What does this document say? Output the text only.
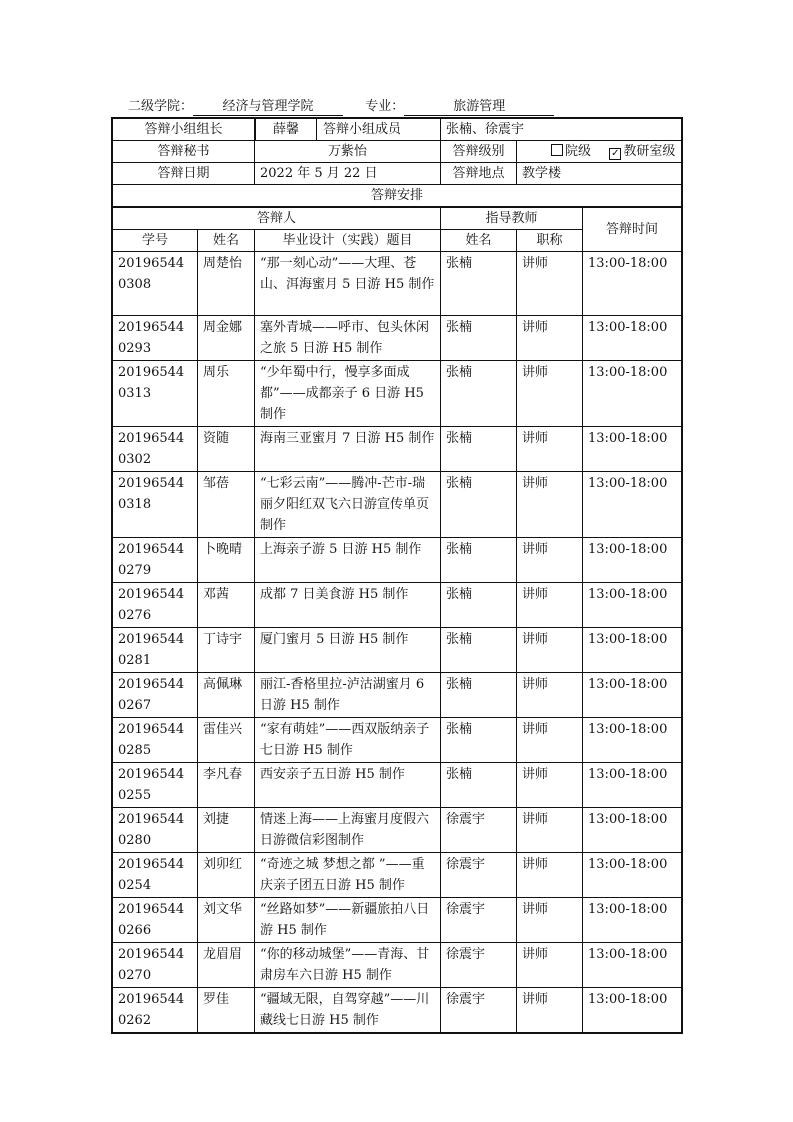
二级学院： 经济与管理学院	专业：	旅游管理
答辩小组组长		薛馨 答辩小组成员	张楠、徐震宇		
答辩秘书		万紫怡	答辩级别	院级 ✓ 教研室级	
答辩日期		2022 年 5 月 22 日	答辩地点	教学楼	
答辩安排					
答辩人			指导教师		答辩时间
学号	姓名	毕业设计（实践）题目	姓名	职称	
201965440308	周楚怡	“那一刻心动”——大理、苍山、洱海蜜月 5 日游 H5 制作	张楠	讲师	13:00-18:00
201965440293	周金娜	塞外青城——呼市、包头休闲之旅 5 日游 H5 制作	张楠	讲师	13:00-18:00
201965440313	周乐	“少年蜀中行，慢享多面成都”——成都亲子 6 日游 H5 制作	张楠	讲师	13:00-18:00
201965440302	资随	海南三亚蜜月 7 日游 H5 制作	张楠	讲师	13:00-18:00
201965440318	邹蓓	“七彩云南”——腾冲-芒市-瑞丽夕阳红双飞六日游宣传单页制作	张楠	讲师	13:00-18:00
201965440279	卜晚晴	上海亲子游 5 日游 H5 制作	张楠	讲师	13:00-18:00
201965440276	邓茜	成都 7 日美食游 H5 制作	张楠	讲师	13:00-18:00
201965440281	丁诗宇	厦门蜜月 5 日游 H5 制作	张楠	讲师	13:00-18:00
201965440267	高佩琳	丽江-香格里拉-泸沽湖蜜月 6 日游 H5 制作	张楠	讲师	13:00-18:00
201965440285	雷佳兴	“家有萌娃”——西双版纳亲子七日游 H5 制作	张楠	讲师	13:00-18:00
201965440255	李凡春	西安亲子五日游 H5 制作	张楠	讲师	13:00-18:00
201965440280	刘捷	情迷上海——上海蜜月度假六日游微信彩图制作	徐震宇	讲师	13:00-18:00
201965440254	刘卯红	“奇迹之城 梦想之都 ”——重庆亲子团五日游 H5 制作	徐震宇	讲师	13:00-18:00
201965440266	刘文华	“丝路如梦”——新疆旅拍八日游 H5 制作	徐震宇	讲师	13:00-18:00
201965440270	龙眉眉	“你的移动城堡”——青海、甘肃房车六日游 H5 制作	徐震宇	讲师	13:00-18:00
201965440262	罗佳	“疆域无限，自驾穿越”——川藏线七日游 H5 制作	徐震宇	讲师	13:00-18:00
